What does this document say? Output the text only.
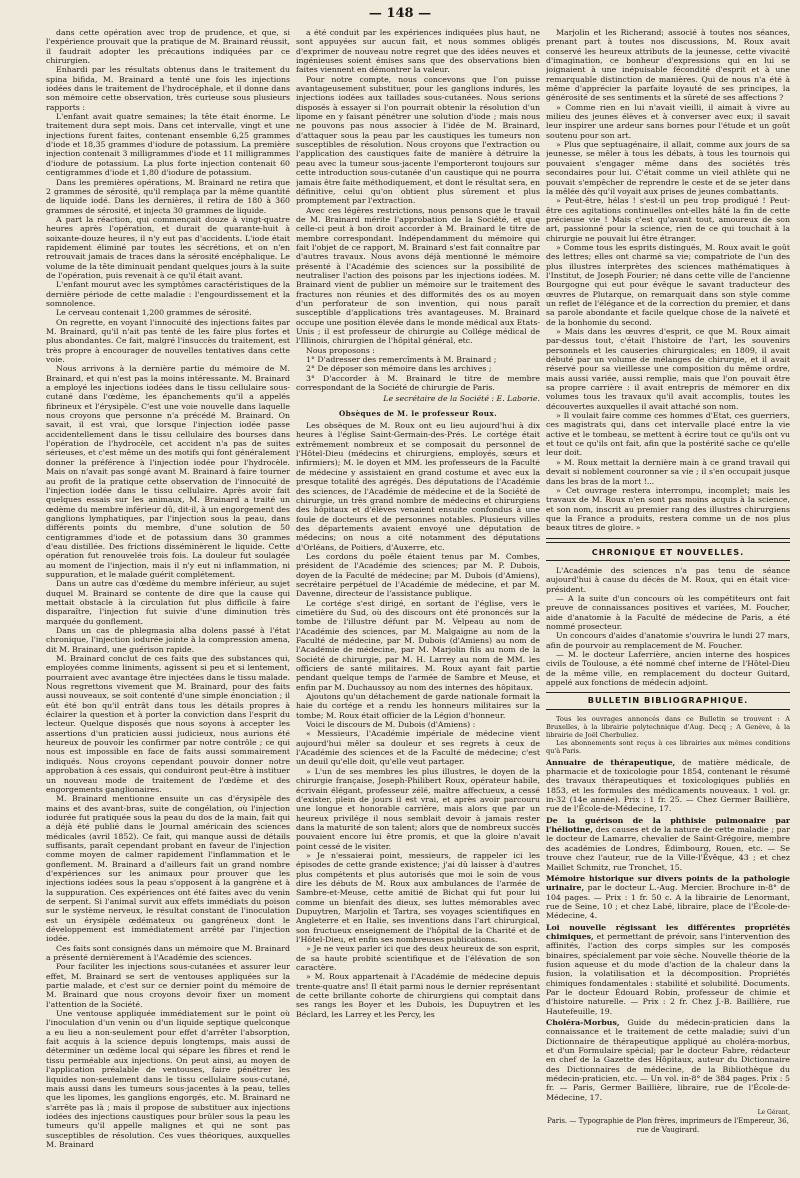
— 148 —

dans cette opération avec trop de prudence, et que, si l'expérience prouvait que la pratique de M. Brainard réussit, il faudrait adopter les précautions indiquées par ce chirurgien.

Enhardi par les résultats obtenus dans le traitement du spina bifida, M. Brainard a tenté une fois les injections iodées dans le traitement de l'hydrocéphale, et il donne dans son mémoire cette observation, très curieuse sous plusieurs rapports :

L'enfant avait quatre semaines; la tête était énorme. Le traitement dura sept mois. Dans cet intervalle, vingt et une injections furent faites, contenant ensemble 6,25 grammes d'iode et 18,35 grammes d'iodure de potassium. La première injection contenait 3 milligrammes d'iode et 11 milligrammes d'iodure de potassium. La plus forte injection contenait 60 centigrammes d'iode et 1,80 d'iodure de potassium.

Dans les premières opérations, M. Brainard ne retira que 2 grammes de sérosité, qu'il remplaça par la même quantité de liquide iodé. Dans les dernières, il retira de 180 à 360 grammes de sérosité, et injecta 30 grammes de liquide.

A part la réaction, qui commençait douze à vingt-quatre heures après l'opération, et durait de quarante-huit à soixante-douze heures, il n'y eut pas d'accidents. L'iode était rapidement éliminé par toutes les sécrétions, et on n'en retrouvait jamais de traces dans la sérosité encéphalique. Le volume de la tête diminuait pendant quelques jours à la suite de l'opération, puis revenait à ce qu'il était avant.

L'enfant mourut avec les symptômes caractéristiques de la dernière période de cette maladie : l'engourdissement et la somnolence.

Le cerveau contenait 1,200 grammes de sérosité.

On regrette, en voyant l'innocuité des injections faites par M. Brainard, qu'il n'ait pas tenté de les faire plus fortes et plus abondantes. Ce fait, malgré l'insuccès du traitement, est très propre à encourager de nouvelles tentatives dans cette voie.

Nous arrivons à la dernière partie du mémoire de M. Brainard, et qui n'est pas la moins intéressante. M. Brainard a employé les injections iodées dans le tissu cellulaire sous-cutané dans l'œdème, les épanchements qu'il a appelés fibrineux et l'érysipèle. C'est une voie nouvelle dans laquelle nous croyons que personne n'a précédé M. Brainard. On savait, il est vrai, que lorsque l'injection iodée passe accidentellement dans le tissu cellulaire des bourses dans l'opération de l'hydrocèle, cet accident n'a pas de suites sérieuses, et c'est même un des motifs qui font généralement donner la préférence à l'injection iodée pour l'hydrocèle. Mais on n'avait pas songé avant M. Brainard à faire tourner au profit de la pratique cette observation de l'innocuité de l'injection iodée dans le tissu cellulaire. Après avoir fait quelques essais sur les animaux, M. Brainard a traité un œdème du membre inférieur dû, dit-il, à un engorgement des ganglions lymphatiques, par l'injection sous la peau, dans différents points du membre, d'une solution de 50 centigrammes d'iode et de potassium dans 30 grammes d'eau distillée. Des frictions disséminèrent le liquide. Cette opération fut renouvelée trois fois. La douleur fut soulagée au moment de l'injection, mais il n'y eut ni inflammation, ni suppuration, et le malade guérit complétement.

Dans un autre cas d'œdème du membre inférieur, au sujet duquel M. Brainard se contente de dire que la cause qui mettait obstacle à la circulation fut plus difficile à faire disparaître, l'injection fut suivie d'une diminution très marquée du gonflement.

Dans un cas de phlegmasia alba dolens passé à l'état chronique, l'injection iodurée jointe à la compression amena, dit M. Brainard, une guérison rapide.

M. Brainard conclut de ces faits que des substances qui, employées comme liniments, agissent si peu et si lentement, pourraient avec avantage être injectées dans le tissu malade. Nous regrettons vivement que M. Brainard, pour des faits aussi nouveaux, se soit contenté d'une simple énonciation ; il eût été bon qu'il entrât dans tous les détails propres à éclairer la question et à porter la conviction dans l'esprit du lecteur. Quelque disposés que nous soyons à accepter les assertions d'un praticien aussi judicieux, nous aurions été heureux de pouvoir les confirmer par notre contrôle ; ce qui nous est impossible en face de faits aussi sommairement indiqués. Nous croyons cependant pouvoir donner notre approbation à ces essais, qui conduiront peut-être à instituer un nouveau mode de traitement de l'œdème et des engorgements ganglionaires.

M. Brainard mentionne ensuite un cas d'érysipèle des mains et des avant-bras, suite de congélation, où l'injection iodurée fut pratiquée sous la peau du dos de la main, fait qui a déjà été publié dans le Journal américain des sciences médicales (avril 1852). Ce fait, qui manque aussi de détails suffisants, paraît cependant probant en faveur de l'injection comme moyen de calmer rapidement l'inflammation et le gonflement. M. Brainard a d'ailleurs fait un grand nombre d'expériences sur les animaux pour prouver que les injections iodées sous la peau s'opposent à la gangrène et à la suppuration. Ces expériences ont été faites avec du venin de serpent. Si l'animal survit aux effets immédiats du poison sur le système nerveux, le résultat constant de l'inoculation est un érysipèle œdémateux ou gangréneux dont le développement est immédiatement arrêté par l'injection iodée.

Ces faits sont consignés dans un mémoire que M. Brainard a présenté dernièrement à l'Académie des sciences.

Pour faciliter les injections sous-cutanées et assurer leur effet, M. Brainard se sert de ventouses appliquées sur la partie malade, et c'est sur ce dernier point du mémoire de M. Brainard que nous croyons devoir fixer un moment l'attention de la Société.

Une ventouse appliquée immédiatement sur le point où l'inoculation d'un venin ou d'un liquide septique quelconque a eu lieu a non-seulement pour effet d'arrêter l'absorption, fait acquis à la science depuis longtemps, mais aussi de déterminer un œdème local qui sépare les fibres et rend le tissu perméable aux injections. On peut ainsi, au moyen de l'application préalable de ventouses, faire pénétrer les liquides non-seulement dans le tissu cellulaire sous-cutané, mais aussi dans les tumeurs sous-jacentes à la peau, telles que les lipomes, les ganglions engorgés, etc. M. Brainard ne s'arrête pas là ; mais il propose de substituer aux injections iodées des injections caustiques pour brûler sous la peau les tumeurs qu'il appelle malignes et qui ne sont pas susceptibles de résolution. Ces vues théoriques, auxquelles M. Brainard

a été conduit par les expériences indiquées plus haut, ne sont appuyées sur aucun fait, et nous sommes obligés d'exprimer de nouveau notre regret que des idées neuves et ingénieuses soient émises sans que des observations bien faites viennent en démontrer la valeur.

Pour notre compte, nous concevons que l'on puisse avantageusement substituer, pour les ganglions indurés, les injections iodées aux taillades sous-cutanées. Nous serions disposés à essayer si l'on pourrait obtenir la résolution d'un lipome en y faisant pénétrer une solution d'iode ; mais nous ne pouvons pas nous associer à l'idée de M. Brainard, d'attaquer sous la peau par les caustiques les tumeurs non susceptibles de résolution. Nous croyons que l'extraction ou l'application des caustiques faite de manière à détruire la peau avec la tumeur sous-jacente l'emporteront toujours sur cette introduction sous-cutanée d'un caustique qui ne pourra jamais être faite méthodiquement, et dont le résultat sera, en définitive, celui qu'on obtient plus sûrement et plus promptement par l'extraction.

Avec ces légères restrictions, nous pensons que le travail de M. Brainard mérite l'approbation de la Société, et que celle-ci peut à bon droit accorder à M. Brainard le titre de membre correspondant. Indépendamment du mémoire qui fait l'objet de ce rapport, M. Brainard s'est fait connaître par d'autres travaux. Nous avons déjà mentionné le mémoire présenté à l'Académie des sciences sur la possibilité de neutraliser l'action des poisons par les injections iodées. M. Brainard vient de publier un mémoire sur le traitement des fractures non réunies et des difformités des os au moyen d'un perforateur de son invention, qui nous paraît susceptible d'applications très avantageuses. M. Brainard occupe une position élevée dans le monde médical aux Etats-Unis ; il est professeur de chirurgie au Collége médical de l'Illinois, chirurgien de l'hôpital général, etc.

Nous proposons :

1° D'adresser des remercîments à M. Brainard ;

2° De déposer son mémoire dans les archives ;

3° D'accorder à M. Brainard le titre de membre correspondant de la Société de chirurgie de Paris.

Le secrétaire de la Société : E. Laborie.
Obsèques de M. le professeur Roux.

Les obsèques de M. Roux ont eu lieu aujourd'hui à dix heures à l'église Saint-Germain-des-Prés. Le cortége était extrêmement nombreux et se composait du personnel de l'Hôtel-Dieu (médecins et chirurgiens, employés, sœurs et infirmiers); M. le doyen et MM. les professeurs de la Faculté de médecine y assistaient en grand costume et avec eux la presque totalité des agrégés. Des députations de l'Académie des sciences, de l'Académie de médecine et de la Société de chirurgie, un très grand nombre de médecins et chirurgiens des hôpitaux et d'élèves venaient ensuite confondus à une foule de docteurs et de personnes notables. Plusieurs villes des départements avaient envoyé une députation de médecins; on nous a cité notamment des députations d'Orléans, de Poitiers, d'Auxerre, etc.

Les cordons du poêle étaient tenus par M. Combes, président de l'Académie des sciences; par M. P. Dubois, doyen de la Faculté de médecine; par M. Dubois (d'Amiens), secrétaire perpétuel de l'Académie de médecine, et par M. Davenne, directeur de l'assistance publique.

Le cortége s'est dirigé, en sortant de l'église, vers le cimetière du Sud, où des discours ont été prononcés sur la tombe de l'illustre défunt par M. Velpeau au nom de l'Académie des sciences, par M. Malgaigne au nom de la Faculté de médecine, par M. Dubois (d'Amiens) au nom de l'Académie de médecine, par M. Marjolin fils au nom de la Société de chirurgie, par M. H. Larrey au nom de MM. les officiers de santé militaires. M. Roux ayant fait partie pendant quelque temps de l'armée de Sambre et Meuse, et enfin par M. Duchaussoy au nom des internes des hôpitaux.

Ajoutons qu'un détachement de garde nationale formait la haie du cortége et a rendu les honneurs militaires sur la tombe; M. Roux était officier de la Légion d'honneur.

Voici le discours de M. Dubois (d'Amiens) :

« Messieurs, l'Académie impériale de médecine vient aujourd'hui mêler sa douleur et ses regrets à ceux de l'Académie des sciences et de la Faculté de médecine; c'est un deuil qu'elle doit, qu'elle veut partager.

» L'un de ses membres les plus illustres, le doyen de la chirurgie française, Joseph-Philibert Roux, opérateur habile, écrivain élégant, professeur zélé, maître affectueux, a cessé d'exister, plein de jours il est vrai, et après avoir parcouru une longue et honorable carrière, mais alors que par un heureux privilége il nous semblait devoir à jamais rester dans la maturité de son talent; alors que de nombreux succès pouvaient encore lui être promis, et que la gloire n'avait point cessé de le visiter.

» Je n'essaierai point, messieurs, de rappeler ici les épisodes de cette grande existence; j'ai dû laisser à d'autres plus compétents et plus autorisés que moi le soin de vous dire les débuts de M. Roux aux ambulances de l'armée de Sambre-et-Meuse, cette amitié de Bichat qui fut pour lui comme un bienfait des dieux, ses luttes mémorables avec Dupuytren, Marjolin et Tartra, ses voyages scientifiques en Angleterre et en Italie, ses inventions dans l'art chirurgical, son fructueux enseignement de l'hôpital de la Charité et de l'Hôtel-Dieu, et enfin ses nombreuses publications.

» Je ne veux parler ici que des deux heureux de son esprit, de sa haute probité scientifique et de l'élévation de son caractère.

» M. Roux appartenait à l'Académie de médecine depuis trente-quatre ans! Il était parmi nous le dernier représentant de cette brillante cohorte de chirurgiens qui comptait dans ses rangs les Boyer et les Dubois, les Dupuytren et les Béclard, les Larrey et les Percy, les

Marjolin et les Richerand; associé à toutes nos séances, prenant part à toutes nos discussions, M. Roux avait conservé les heureux attributs de la jeunesse, cette vivacité d'imagination, ce bonheur d'expressions qui en lui se joignaient à une inépuisable fécondité d'esprit et à une remarquable distinction de manières. Qui de nous n'a été à même d'apprécier la parfaite loyauté de ses principes, la générosité de ses sentiments et la sûreté de ses affections ?

» Comme rien en lui n'avait vieilli, il aimait à vivre au milieu des jeunes élèves et à converser avec eux; il savait leur inspirer une ardeur sans bornes pour l'étude et un goût soutenu pour son art.

» Plus que septuagénaire, il allait, comme aux jours de sa jeunesse, se mêler à tous les débats, à tous les tournois qui pouvaient s'engager même dans des sociétés très secondaires pour lui. C'était comme un vieil athlète qui ne pouvait s'empêcher de reprendre le ceste et de se jeter dans la mêlée dès qu'il voyait aux prises de jeunes combattants.

» Peut-être, hélas ! s'est-il un peu trop prodigué ! Peut-être ces agitations continuelles ont-elles hâté la fin de cette précieuse vie ! Mais c'est qu'avant tout, amoureux de son art, passionné pour la science, rien de ce qui touchait à la chirurgie ne pouvait lui être étranger.

» Comme tous les esprits distingués, M. Roux avait le goût des lettres; elles ont charmé sa vie; compatriote de l'un des plus illustres interprètes des sciences mathématiques à l'Institut, de Joseph Fourier; né dans cette ville de l'ancienne Bourgogne qui eut pour évêque le savant traducteur des œuvres de Plutarque, on remarquait dans son style comme un reflet de l'élégance et de la correction du premier, et dans sa parole abondante et facile quelque chose de la naïveté et de la bonhomie du second.

» Mais dans les œuvres d'esprit, ce que M. Roux aimait par-dessus tout, c'était l'histoire de l'art, les souvenirs personnels et les causeries chirurgicales; en 1809, il avait débuté par un volume de mélanges de chirurgie, et il avait réservé pour sa vieillesse une composition du même ordre, mais aussi variée, aussi remplie, mais que l'on pouvait être sa propre carrière : il avait entrepris de mémorer en dix volumes tous les travaux qu'il avait accomplis, toutes les découvertes auxquelles il avait attaché son nom.

» Il voulait faire comme ces hommes d'Etat, ces guerriers, ces magistrats qui, dans cet intervalle placé entre la vie active et le tombeau, se mettent à écrire tout ce qu'ils ont vu et tout ce qu'ils ont fait, afin que la postérité sache ce qu'elle leur doit.

» M. Roux mettait la dernière main à ce grand travail qui devait si noblement couronner sa vie ; il s'en occupait jusque dans les bras de la mort !...

» Cet ouvrage restera interrompu, incomplet; mais les travaux de M. Roux n'en sont pas moins acquis à la science, et son nom, inscrit au premier rang des illustres chirurgiens que la France a produits, restera comme un de nos plus beaux titres de gloire. »

CHRONIQUE ET NOUVELLES.

L'Académie des sciences n'a pas tenu de séance aujourd'hui à cause du décès de M. Roux, qui en était vice-président.

— A la suite d'un concours où les compétiteurs ont fait preuve de connaissances positives et variées, M. Foucher, aide d'anatomie à la Faculté de médecine de Paris, a été nommé prosecteur.

Un concours d'aides d'anatomie s'ouvrira le lundi 27 mars, afin de pourvoir au remplacement de M. Foucher.

— M. le docteur Laferrière, ancien interne des hospices civils de Toulouse, a été nommé chef interne de l'Hôtel-Dieu de la même ville, en remplacement du docteur Guitard, appelé aux fonctions de médecin adjoint.

BULLETIN BIBLIOGRAPHIQUE.

Tous les ouvrages annoncés dans ce Bulletin se trouvent : A Bruxelles, à la librairie polytechnique d'Aug. Decq ; A Genève, à la librairie de Joël Cherbuliez.

Les abonnements sont reçus à ces librairies aux mêmes conditions qu'à Paris.

Annuaire de thérapeutique, de matière médicale, de pharmacie et de toxicologie pour 1854, contenant le résumé des travaux thérapeutiques et toxicologiques publiés en 1853, et les formules des médicaments nouveaux. 1 vol. gr. in-32 (14e année). Prix : 1 fr. 25. — Chez Germer Baillière, rue de l'École-de-Médecine, 17.

De la guérison de la phthisie pulmonaire par l'héliotine, des causes et de la nature de cette maladie ; par le docteur de Lamarre, chevalier de Saint-Grégoire, membre des académies de Londres, Édimbourg, Rouen, etc. — Se trouve chez l'auteur, rue de la Ville-l'Évêque, 43 ; et chez Maillet Schmitz, rue Tronchet, 15.

Mémoire historique sur divers points de la pathologie urinaire, par le docteur L.-Aug. Mercier. Brochure in-8° de 104 pages. — Prix : 1 fr. 50 c. A la librairie de Lenormant, rue de Seine, 10 ; et chez Labé, libraire, place de l'École-de-Médecine, 4.

Loi nouvelle régissant les différentes propriétés chimiques, et permettant de prévoir, sans l'intervention des affinités, l'action des corps simples sur les composés binaires, spécialement par voie sèche. Nouvelle théorie de la fusion aqueuse et du mode d'action de la chaleur dans la fusion, la volatilisation et la décomposition. Propriétés chimiques fondamentales : stabilité et solubilité. Documents. Par le docteur Édouard Robin, professeur de chimie et d'histoire naturelle. — Prix : 2 fr. Chez J.-B. Baillière, rue Hautefeuille, 19.

Choléra-Morbus, Guide du médecin-praticien dans la connaissance et le traitement de cette maladie; suivi d'un Dictionnaire de thérapeutique appliqué au choléra-morbus, et d'un Formulaire spécial; par le docteur Fabre, rédacteur en chef de la Gazette des Hôpitaux, auteur du Dictionnaire des Dictionnaires de médecine, de la Bibliothèque du médecin-praticien, etc. — Un vol. in-8° de 384 pages. Prix : 5 fr. — Paris, Germer Baillière, libraire, rue de l'École-de-Médecine, 17.

Le Gérant,
Paris. — Typographie de Plon frères, imprimeurs de l'Empereur, 36, rue de Vaugirard.
